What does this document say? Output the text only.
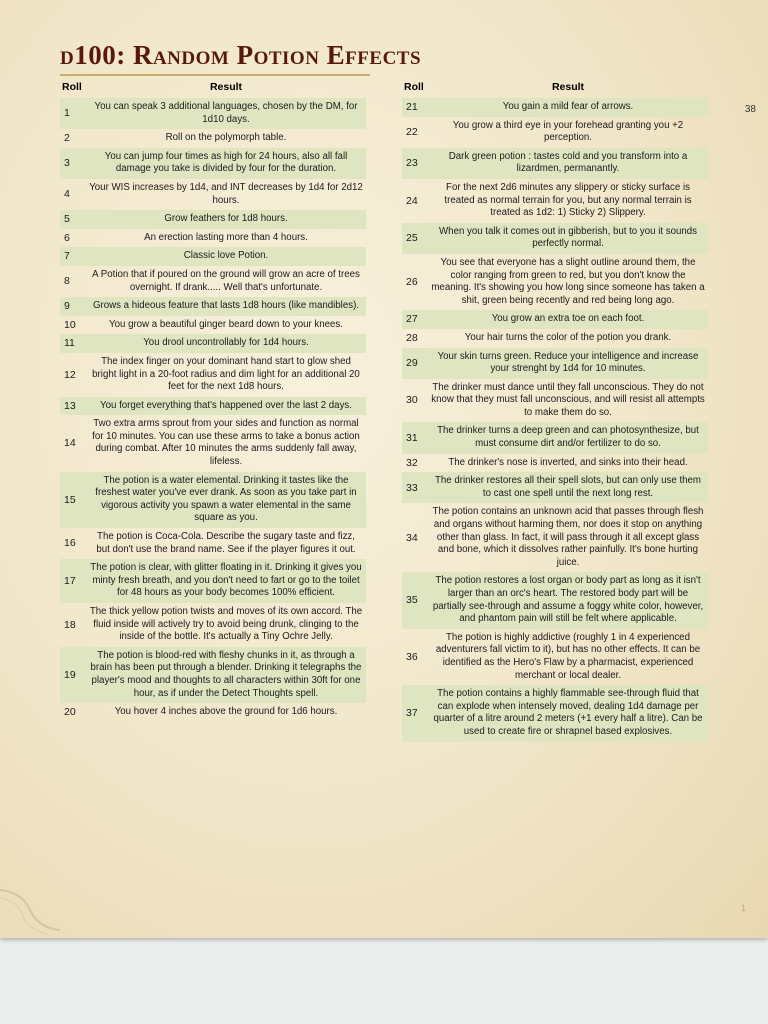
d100: Random Potion Effects
38
Roll	Result
1	You can speak 3 additional languages, chosen by the DM, for 1d10 days.
2	Roll on the polymorph table.
3	You can jump four times as high for 24 hours, also all fall damage you take is divided by four for the duration.
4	Your WIS increases by 1d4, and INT decreases by 1d4 for 2d12 hours.
5	Grow feathers for 1d8 hours.
6	An erection lasting more than 4 hours.
7	Classic love Potion.
8	A Potion that if poured on the ground will grow an acre of trees overnight. If drank..... Well that's unfortunate.
9	Grows a hideous feature that lasts 1d8 hours (like mandibles).
10	You grow a beautiful ginger beard down to your knees.
11	You drool uncontrollably for 1d4 hours.
12	The index finger on your dominant hand start to glow shed bright light in a 20-foot radius and dim light for an additional 20 feet for the next 1d8 hours.
13	You forget everything that's happened over the last 2 days.
14	Two extra arms sprout from your sides and function as normal for 10 minutes. You can use these arms to take a bonus action during combat. After 10 minutes the arms suddenly fall away, lifeless.
15	The potion is a water elemental. Drinking it tastes like the freshest water you've ever drank. As soon as you take part in vigorous activity you spawn a water elemental in the same square as you.
16	The potion is Coca-Cola. Describe the sugary taste and fizz, but don't use the brand name. See if the player figures it out.
17	The potion is clear, with glitter floating in it. Drinking it gives you minty fresh breath, and you don't need to fart or go to the toilet for 48 hours as your body becomes 100% efficient.
18	The thick yellow potion twists and moves of its own accord. The fluid inside will actively try to avoid being drunk, clinging to the inside of the bottle. It's actually a Tiny Ochre Jelly.
19	The potion is blood-red with fleshy chunks in it, as through a brain has been put through a blender. Drinking it telegraphs the player's mood and thoughts to all characters within 30ft for one hour, as if under the Detect Thoughts spell.
20	You hover 4 inches above the ground for 1d6 hours.
Roll	Result
21	You gain a mild fear of arrows.
22	You grow a third eye in your forehead granting you +2 perception.
23	Dark green potion : tastes cold and you transform into a lizardmen, permanantly.
24	For the next 2d6 minutes any slippery or sticky surface is treated as normal terrain for you, but any normal terrain is treated as 1d2: 1) Sticky 2) Slippery.
25	When you talk it comes out in gibberish, but to you it sounds perfectly normal.
26	You see that everyone has a slight outline around them, the color ranging from green to red, but you don't know the meaning. It's showing you how long since someone has taken a shit, green being recently and red being long ago.
27	You grow an extra toe on each foot.
28	Your hair turns the color of the potion you drank.
29	Your skin turns green. Reduce your intelligence and increase your strenght by 1d4 for 10 minutes.
30	The drinker must dance until they fall unconscious. They do not know that they must fall unconscious, and will resist all attempts to make them do so.
31	The drinker turns a deep green and can photosynthesize, but must consume dirt and/or fertilizer to do so.
32	The drinker's nose is inverted, and sinks into their head.
33	The drinker restores all their spell slots, but can only use them to cast one spell until the next long rest.
34	The potion contains an unknown acid that passes through flesh and organs without harming them, nor does it stop on anything other than glass. In fact, it will pass through it all except glass and bone, which it dissolves rather painfully. It's bone hurting juice.
35	The potion restores a lost organ or body part as long as it isn't larger than an orc's heart. The restored body part will be partially see-through and assume a foggy white color, however, and phantom pain will still be felt where applicable.
36	The potion is highly addictive (roughly 1 in 4 experienced adventurers fall victim to it), but has no other effects. It can be identified as the Hero's Flaw by a pharmacist, experienced merchant or local dealer.
37	The potion contains a highly flammable see-through fluid that can explode when intensely moved, dealing 1d4 damage per quarter of a litre around 2 meters (+1 every half a litre). Can be used to create fire or shrapnel based explosives.
1
